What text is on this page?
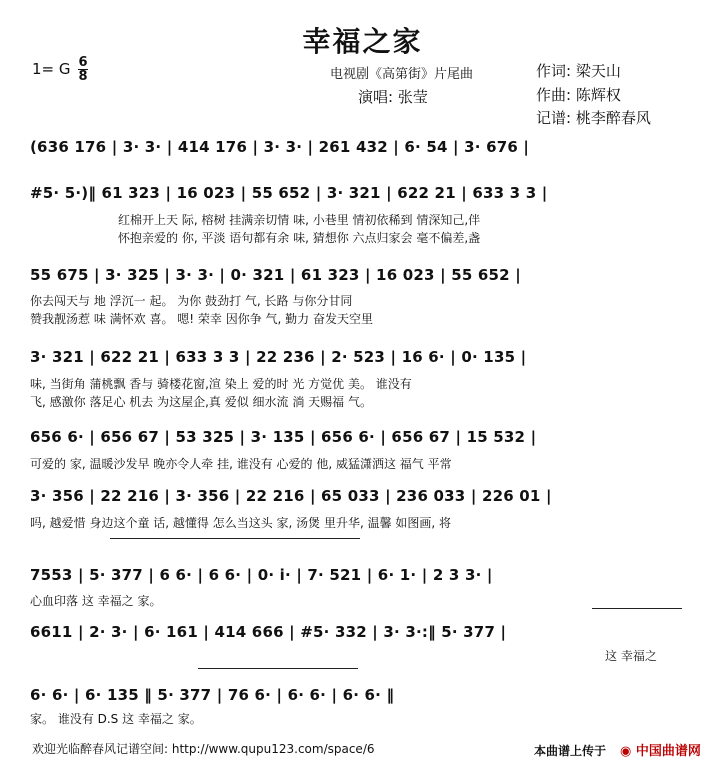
幸福之家
1= G 6
8	电视剧《高第街》片尾曲
演唱: 张莹
作词: 梁天山
作曲: 陈辉权
记谱: 桃李醉春风
(636 176 | 3· 3· | 414 176 | 3· 3· | 261 432 | 6· 54 | 3· 676 |
#5· 5·)‖ 61 323 | 16 023 | 55 652 | 3· 321 | 622 21 | 633 3 3 |
红棉开上天 际, 榕树 挂满亲切情 味, 小巷里 情初依稀到 情深知己,伴
怀抱亲爱的 你, 平淡 语句都有余 味, 猜想你 六点归家会 毫不偏差,盏
55 675 | 3· 325 | 3· 3· | 0· 321 | 61 323 | 16 023 | 55 652 |
你去闯天与 地 浮沉一 起。 为你 鼓劲打 气, 长路 与你分甘同
赞我靓汤惹 味 满怀欢 喜。 嗯! 荣幸 因你争 气, 勤力 奋发天空里
3· 321 | 622 21 | 633 3 3 | 22 236 | 2· 523 | 16 6· | 0· 135 |
味, 当街角 蒲桃飘 香与 骑楼花窗,渲 染上 爱的时 光 方觉优 美。 谁没有
飞, 感激你 落足心 机去 为这屋企,真 爱似 细水流 淌 天赐福 气。
656 6· | 656 67 | 53 325 | 3· 135 | 656 6· | 656 67 | 15 532 |
可爱的 家, 温暖沙发早 晚亦令人牵 挂, 谁没有 心爱的 他, 威猛潇洒这 福气 平常
3· 356 | 22 216 | 3· 356 | 22 216 | 65 033 | 236 033 | 226 01 |
吗, 越爱惜 身边这个童 话, 越懂得 怎么当这头 家, 汤煲 里升华, 温馨 如图画, 将
7553 | 5· 377 | 6 6· | 6 6· | 0· i· | 7· 521 | 6· 1· | 2 3 3· |
心血印落 这 幸福之 家。
6611 | 2· 3· | 6· 161 | 414 666 | #5· 332 | 3· 3·:‖ 5· 377 |
这 幸福之
6· 6· | 6· 135 ‖ 5· 377 | 76 6· | 6· 6· | 6· 6· ‖
家。 谁没有 D.S 这 幸福之 家。
欢迎光临醉春风记谱空间: http://www.qupu123.com/space/6	本曲谱上传于 ◉ 中国曲谱网
